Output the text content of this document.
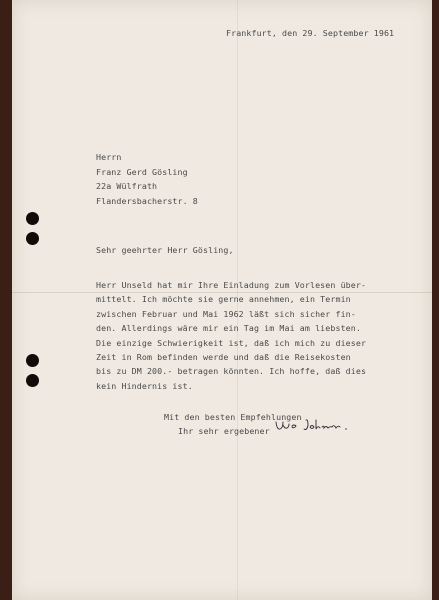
Frankfurt, den 29. September 1961

Herrn

Franz Gerd Gösling

22a Wülfrath

Flandersbacherstr. 8

Sehr geehrter Herr Gösling,

Herr Unseld hat mir Ihre Einladung zum Vorlesen über-

mittelt. Ich möchte sie gerne annehmen, ein Termin

zwischen Februar und Mai 1962 läßt sich sicher fin-

den. Allerdings wäre mir ein Tag im Mai am liebsten.

Die einzige Schwierigkeit ist, daß ich mich zu dieser

Zeit in Rom befinden werde und daß die Reisekosten

bis zu DM 200.- betragen könnten. Ich hoffe, daß dies

kein Hindernis ist.

Mit den besten Empfehlungen

Ihr sehr ergebener
